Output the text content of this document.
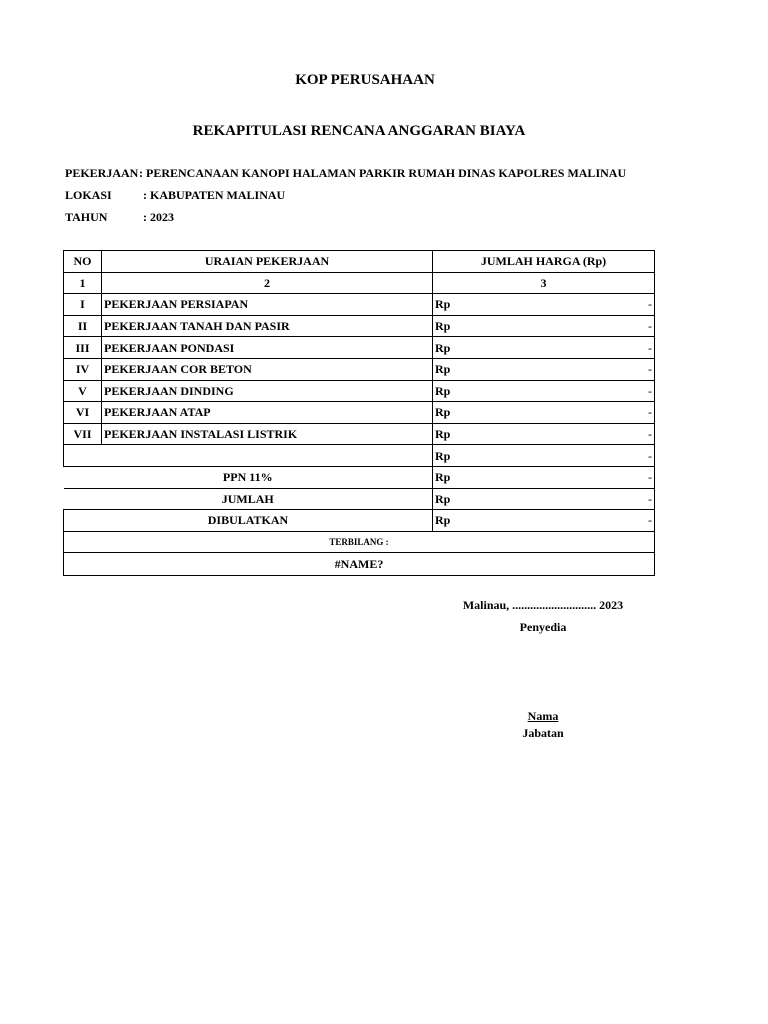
KOP PERUSAHAAN
REKAPITULASI RENCANA ANGGARAN BIAYA
PEKERJAAN: PERENCANAAN KANOPI HALAMAN PARKIR RUMAH DINAS KAPOLRES MALINAU
LOKASI	: KABUPATEN MALINAU
TAHUN	: 2023
NO	URAIAN PEKERJAAN	JUMLAH HARGA (Rp)
1	2	3
I	PEKERJAAN PERSIAPAN	Rp -

II	PEKERJAAN TANAH DAN PASIR	Rp -

III	PEKERJAAN PONDASI	Rp -

IV	PEKERJAAN COR BETON	Rp -

V	PEKERJAAN DINDING	Rp -

VI	PEKERJAAN ATAP	Rp -

VII	PEKERJAAN INSTALASI LISTRIK	Rp -

		Rp -

PPN 11%		Rp -

JUMLAH		Rp -

DIBULATKAN		Rp -

TERBILANG :		
#NAME?		
Malinau, ............................ 2023
Penyedia
Nama
Jabatan
